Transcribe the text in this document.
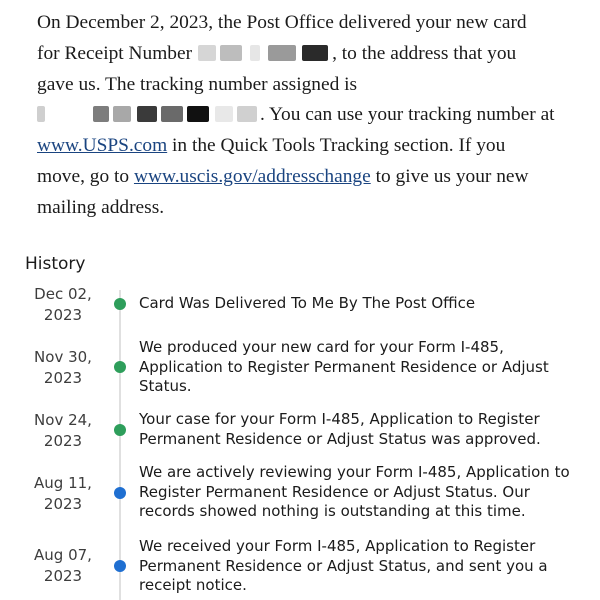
On December 2, 2023, the Post Office delivered your new card
for Receipt Number	, to the address that you
gave us. The tracking number assigned is
. You can use your tracking number at
www.USPS.com in the Quick Tools Tracking section. If you
move, go to www.uscis.gov/addresschange to give us your new
mailing address.
History
Dec 02,
2023
Card Was Delivered To Me By The Post Office
Nov 30,
2023
We produced your new card for your Form I-485, Application to Register Permanent Residence or Adjust Status.
Nov 24,
2023
Your case for your Form I-485, Application to Register Permanent Residence or Adjust Status was approved.
Aug 11,
2023
We are actively reviewing your Form I-485, Application to Register Permanent Residence or Adjust Status. Our records showed nothing is outstanding at this time.
Aug 07,
2023
We received your Form I-485, Application to Register Permanent Residence or Adjust Status, and sent you a receipt notice.
